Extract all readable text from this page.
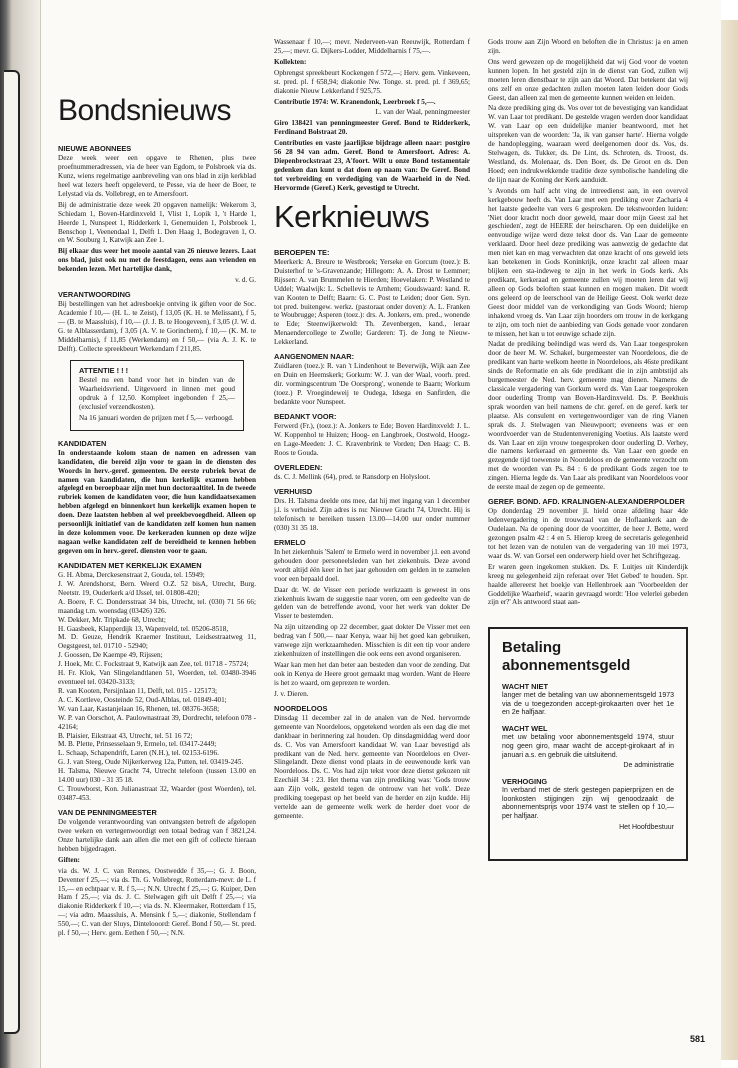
Bondsnieuws
NIEUWE ABONNEES

Deze week weer een opgave te Rhenen, plus twee proefnummeradressen, via de heer van Egdom, te Polsbroek via ds. Kunz, wiens regelmatige aanbreveling van ons blad in zijn kerkblad heel wat lezers heeft opgeleverd, te Pesse, via de heer de Boer, te Lelystad via ds. Vollebregt, en te Amersfoort.

Bij de administratie deze week 20 opgaven namelijk: Wekerom 3, Schiedam 1, Boven-Hardinxveld 1, Vlist 1, Lopik 1, 't Harde 1, Heerde 1, Nunspeet 1, Ridderkerk 1, Genemuiden 1, Polsbroek 1, Benschop 1, Veenendaal 1, Delft 1. Den Haag 1, Bodegraven 1, O. en W. Souburg 1, Katwijk aan Zee 1.

Bij elkaar dus weer het mooie aantal van 26 nieuwe lezers. Laat ons blad, juist ook nu met de feestdagen, eens aan vrienden en bekenden lezen. Met hartelijke dank,

v. d. G.

VERANTWOORDING

Bij bestellingen van het adresboekje ontving ik giften voor de Soc. Academie f 10,— (H. L. te Zeist), f 13,05 (K. H. te Melissant), f 5,— (B. te Maassluis), f 10,— (J. J. B. te Hoogeveen), f 3,05 (J. W. d. G. te Alblasserdam), f 3,05 (A. V. te Gorinchem), f 10,— (K. M. te Middelharnis), f 11,85 (Werkendam) en f 50,— (via A. J. K. te Delft). Collecte spreekbeurt Werkendam f 211,85.

ATTENTIE ! ! !

Bestel nu een band voor het in binden van de Waarheidsvriend. Uitgevoerd in linnen met goud opdruk à f 12,50. Kompleet ingebonden f 25,— (exclusief verzendkosten).

Na 16 januari worden de prijzen met f 5,— verhoogd.

KANDIDATEN

In onderstaande kolom staan de namen en adressen van kandidaten, die bereid zijn voor te gaan in de diensten des Woords in herv.-geref. gemeenten. De eerste rubriek bevat de namen van kandidaten, die hun kerkelijk examen hebben afgelegd en beroepbaar zijn met hun doctoraaltitel. In de tweede rubriek komen de kandidaten voor, die hun kandidaatsexamen hebben afgelegd en binnenkort hun kerkelijk examen hopen te doen. Deze laatsten hebben al wel preekbevoegdheid. Alleen op persoonlijk initiatief van de kandidaten zelf komen hun namen in deze kolommen voor. De kerkeraden kunnen op deze wijze nagaan welke kandidaten zelf de bereidheid te kennen hebben gegeven om in herv.-geref. diensten voor te gaan.

KANDIDATEN MET KERKELIJK EXAMEN
G. H. Abma, Derckesenstraat 2, Gouda, tel. 15949;
J. W. Arendshorst, Bern. Weerd O.Z. 52 bisA, Utrecht, Burg. Neetstr. 19, Ouderkerk a/d IJssel, tel. 01808-420;
A. Boere, F. C. Dondersstraat 34 bis, Utrecht, tel. (030) 71 56 66; maandag t.m. woensdag (03426) 326.
W. Dekker, Mr. Tripkade 68, Utrecht;
H. Gaasbeek, Klapperdijk 13, Wapenveld, tel. 05206-8518,
M. D. Geuze, Hendrik Kraemer Instituut, Leidsestraatweg 11, Oegstgeest, tel. 01710 - 52940;
J. Goossen, De Kaempe 49, Rijssen;
J. Hoek, Mr. C. Fockstraat 9, Katwijk aan Zee, tel. 01718 - 75724;
H. Fr. Klok, Van Slingelandtlanen 51, Woerden, tel. 03480-3946 eventueel tel. 03420-3133;
R. van Kooten, Persijnlaan 11, Delft, tel. 015 - 125173;
A. C. Kortleve, Oosteinde 52, Oud-Alblas, tel. 01849-401;
W. van Laar, Kastanjelaan 16, Rhenen, tel. 08376-3658;
W. P. van Oorschot, A. Paulownastraat 39, Dordrecht, telefoon 078 - 42164;
B. Plaisier, Eikstraat 43, Utrecht, tel. 51 16 72;
M. B. Plette, Prinsesselaan 9, Ermelo, tel. 03417-2449;
L. Schaap, Schapendrift, Laren (N.H.), tel. 02153-6196.
G. J. van Steeg, Oude Nijkerkerweg 12a, Putten, tel. 03419-245.
H. Talsma, Nieuwe Gracht 74, Utrecht telefoon (tussen 13.00 en 14.00 uur) 030 - 31 35 18.
C. Trouwborst, Kon. Julianastraat 32, Waarder (post Woerden), tel. 03487-453.
VAN DE PENNINGMEESTER

De volgende verantwoording van ontvangsten betreft de afgelopen twee weken en vertegenwoordigt een totaal bedrag van f 3821,24. Onze hartelijke dank aan allen die met een gift of collecte hieraan hebben bijgedragen.

Giften:

via ds. W. J. C. van Rennes, Oostwedde f 35,—; G. J. Boon, Deventer f 25,—; via ds. Th. G. Vollebregt, Rotterdam-mevr. de L. f 15,— en echtpaar v. R. f 5,—; N.N. Utrecht f 25,—; G. Kuiper, Den Ham f 25,—; via ds. J. C. Stelwagen gift uit Delft f 25,—; via diakonie Ridderkerk f 10,—; via ds. N. Kleermaker, Rotterdam f 15,—; via adm. Maassluis, A. Mensink f 5,—; diakonie, Stellendam f 550,—; C. van der Sluys, Dintelooord: Geref. Bond f 50,— St. pred. pl. f 50,—; Herv. gem. Eethen f 50,—; N.N.

Wassenaar f 10,—; mevr. Nederveen-van Reeuwijk, Rotterdam f 25,—; mevr. G. Dijkers-Lodder, Middelharnis f 75,—.

Kollekten:

Opbrengst spreekbeurt Kockengen f 572,—; Herv. gem. Vinkeveen, st. pred. pl. f 658,94; diakonie Nw. Tonge. st. pred. pl. f 369,65; diakonie Nieuw Lekkerland f 925,75.

Contributie 1974: W. Kranendonk, Leerbroek f 5,—.

L. van der Waal, penningmeester

Giro 138421 van penningmeester Geref. Bond te Ridderkerk, Ferdinand Bolstraat 20.

Contributies en vaste jaarlijkse bijdrage alleen naar: postgiro 56 28 94 van adm. Geref. Bond te Amersfoort. Adres: A. Diepenbrockstraat 23, A'foort. Wilt u onze Bond testamentair gedenken dan kunt u dat doen op naam van: De Geref. Bond tot verbreiding en verdediging van de Waarheid in de Ned. Hervormde (Geref.) Kerk, gevestigd te Utrecht.

Kerknieuws
BEROEPEN TE:

Meerkerk: A. Breure te Westbroek; Yerseke en Gorcum (toez.): B. Duisterhof te 's-Gravenzande; Hillegom: A. A. Drost te Lemmer; Rijssen: A. van Brummelen te Hierden; Hoevelaken: P. Westland te Uddel; Waalwijk: L. Schellevis te Arnhem; Goudswaard: kand. R. van Kooten te Delft; Baarn: G. C. Post te Leiden; door Gen. Syn. tot pred. buitengew. werkz. (pastoraat onder doven): A. L. Franken te Woubrugge; Asperen (toez.): drs. A. Jonkers, em. pred., wonende te Ede; Steenwijkerwold: Th. Zevenbergen, kand., leraar Menaendercollege te Zwolle; Garderen: Tj. de Jong te Nieuw-Lekkerland.

AANGENOMEN NAAR:

Zuidlaren (toez.): R. van 't Lindenhout te Beverwijk, Wijk aan Zee en Duin en Heemskerk; Gorkum: W. J. van der Waal, voorh. pred. dir. vormingscentrum 'De Oorsprong', wonende te Baarn; Workum (toez.) P. Vroegindeweij te Oudega, Idsega en Sanfirden, die bedankte voor Nunspeet.

BEDANKT VOOR:

Ferwerd (Fr.), (toez.): A. Jonkers te Ede; Boven Hardinxveld: J. L. W. Koppenhol te Huizen; Hoog- en Langbroek, Oostwold, Hoogz- en Lage-Meeden: J. C. Kravenbrink te Vorden; Den Haag: C. B. Roos te Gouda.

OVERLEDEN:

ds. C. J. Mellink (64), pred. te Ransdorp en Holysloot.

VERHUISD

Drs. H. Talsma deelde ons mee, dat hij met ingang van 1 december j.l. is verhuisd. Zijn adres is nu: Nieuwe Gracht 74, Utrecht. Hij is telefonisch te bereiken tussen 13.00—14.00 uur onder nummer (030) 31 35 18.

ERMELO

In het ziekenhuis 'Salem' te Ermelo werd in november j.l. een avond gehouden door personeelsleden van het ziekenhuis. Deze avond wordt altijd één keer in het jaar gehouden om gelden in te zamelen voor een bepaald doel.

Daar dr. W. de Visser een periode werkzaam is geweest in ons ziekenhuis kwam de suggestie naar voren, om een gedeelte van de gelden van de betreffende avond, voor het werk van dokter De Visser te bestemden.

Na zijn uitzending op 22 december, gaat dokter De Visser met een bedrag van f 500,— naar Kenya, waar hij het goed kan gebruiken, vanwege zijn werkzaamheden. Misschien is dit een tip voor andere ziekenhuizen of instellingen die ook eens een avond organiseren.

Waar kan men het dan beter aan besteden dan voor de zending. Dat ook in Kenya de Heere groot gemaakt mag worden. Want de Heere is het zo waard, om geprezen te worden.

J. v. Dieren.

NOORDELOOS

Dinsdag 11 december zal in de analen van de Ned. hervormde gemeente van Noordeloos, opgetekend worden als een dag die met dankbaar in herinnering zal houden. Op dinsdagmiddag werd door ds. C. Vos van Amersfoort kandidaat W. van Laar bevestigd als predikant van de Ned. herv. gemeente van Noordeloos en Over-Slingelandt. Deze dienst vond plaats in de eeuwenoude kerk van Noordeloos. Ds. C. Vos had zijn tekst voor deze dienst gekozen uit Ezechiël 34 : 23. Het thema van zijn prediking was: 'Gods trouw aan Zijn volk, gesteld tegen de ontrouw van het volk'. Deze prediking toegepast op het beeld van de herder en zijn kudde. Hij vertelde aan de gemeente welk werk de herder doet voor de gemeente.

Gods trouw aan Zijn Woord en beloften die in Christus: ja en amen zijn.

Ons werd gewezen op de mogelijkheid dat wij God voor de voeten kunnen lopen. In het gesteld zijn in de dienst van God, zullen wij moeten leren dienstbaar te zijn aan dat Woord. Dat betekent dat wij ons zelf en onze gedachten zullen moeten laten leiden door Gods Geest, dan alleen zal men de gemeente kunnen weiden en leiden.

Na deze prediking ging ds. Vos over tot de bevestiging van kandidaat W. van Laar tot predikant. De gestelde vragen werden door kandidaat W. van Laar op een duidelijke manier beantwoord, met het uitspreken van de woorden: 'Ja, ik van ganser harte'. Hierna volgde de handoplegging, waaraan werd deelgenomen door ds. Vos, ds. Stelwagen, ds. Tukker, ds. De Lint, ds. Schroten, ds. Troost, ds. Westland, ds. Molenaar, ds. Den Boer, ds. De Groot en ds. Den Hoed; een indrukwekkende traditie deze symbolische handeling die de lijn naar de Koning der Kerk aanduidt.

's Avonds om half acht ving de intreedienst aan, in een overvol kerkgebouw heeft ds. Van Laar met een prediking over Zacharia 4 het laatste gedeelte van vers 6 gesproken. De tekstwoorden luiden: 'Niet door kracht noch door geweld, maar door mijn Geest zal het geschieden', zegt de HEERE der heirscharen. Op een duidelijke en eenvoudige wijze werd deze tekst door ds. Van Laar de gemeente verklaard. Door heel deze prediking was aanwezig de gedachte dat men niet kan en mag verwachten dat onze kracht of ons geweld iets kan betekenen in Gods Koninkrijk, onze kracht zal alleen maar blijken een sta-indeweg te zijn in het werk in Gods kerk. Als predikant, kerkeraad en gemeente zullen wij moeten leren dat wij alleen op Gods beloften staat kunnen en mogen maken. Dit wordt ons geleerd op de leerschool van de Heilige Geest. Ook werkt deze Geest door middel van de verkondiging van Gods Woord; hierop inhakend vroeg ds. Van Laar zijn hoorders om trouw in de kerkgang te zijn, om toch niet de aanbieding van Gods genade voor zondaren te missen, het kan u tot eeuwige schade zijn.

Nadat de prediking beëindigd was werd ds. Van Laar toegesproken door de heer M. W. Schakel, burgemeester van Noordeloos, die de predikant van harte welkom heette in Noordeloos, als 46ste predikant sinds de Reformatie en als 6de predikant die in zijn ambtstijd als burgemeester de Ned. herv. gemeente mag dienen. Namens de classicale vergadering van Gorkum werd ds. Van Laar toegesproken door ouderling Tromp van Boven-Hardinxveld. Ds. P. Beekhuis sprak woorden van heil namens de chr. geref. en de geref. kerk ter plaatse. Als consulent en vertegenwoordiger van de ring Vianen sprak ds. J. Stelwagen van Nieuwpoort; eveneens was er een woordvoerder van de Studentenvereniging Voetius. Als laatste werd ds. Van Laar en zijn vrouw toegesproken door ouderling D. Verhey, die namens kerkeraad en gemeente ds. Van Laar een goede en gezegende tijd toewenste in Noordeloos en de gemeente verzocht om met de woorden van Ps. 84 : 6 de predikant Gods zegen toe te zingen. Hierna legde ds. Van Laar als predikant van Noordeloos voor de eerste maal de zegen op de gemeente.

GEREF. BOND. AFD. KRALINGEN-ALEXANDERPOLDER

Op donderdag 29 november jl. hield onze afdeling haar 4de ledenvergadering in de trouwzaal van de Hoflaankerk aan de Oudelaan. Na de opening door de voorzitter, de heer J. Bette, werd gezongen psalm 42 : 4 en 5. Hierop kreeg de secretaris gelegenheid tot het lezen van de notulen van de vergadering van 10 mei 1973, waar ds. W. van Gorsel een onderwerp hield over het Schriftgezag.

Er waren geen ingekomen stukken. Ds. F. Luitjes uit Kinderdijk kreeg nu gelegenheid zijn referaat over 'Het Gebed' te houden. Spr. haalde allereerst het boekje van Hellenbroek aan 'Voorbeelden der Goddelijke Waarheid', waarin gevraagd wordt: 'Hoe velerlei gebeden zijn er?' Als antwoord staat aan-

Betaling abonnementsgeld
WACHT NIET

langer met de betaling van uw abonnementsgeld 1973 via de u toegezonden accept-girokaarten over het 1e en 2e halfjaar.

WACHT WEL

met uw betaling voor abonnementsgeld 1974, stuur nog geen giro, maar wacht de accept-girokaart af in januari a.s. en gebruik die uitsluitend.

De administratie

VERHOGING

In verband met de sterk gestegen papierprijzen en de loonkosten stijgingen zijn wij genoodzaakt de abonnementsprijs voor 1974 vast te stellen op f 10,— per halfjaar.

Het Hoofdbestuur

581
